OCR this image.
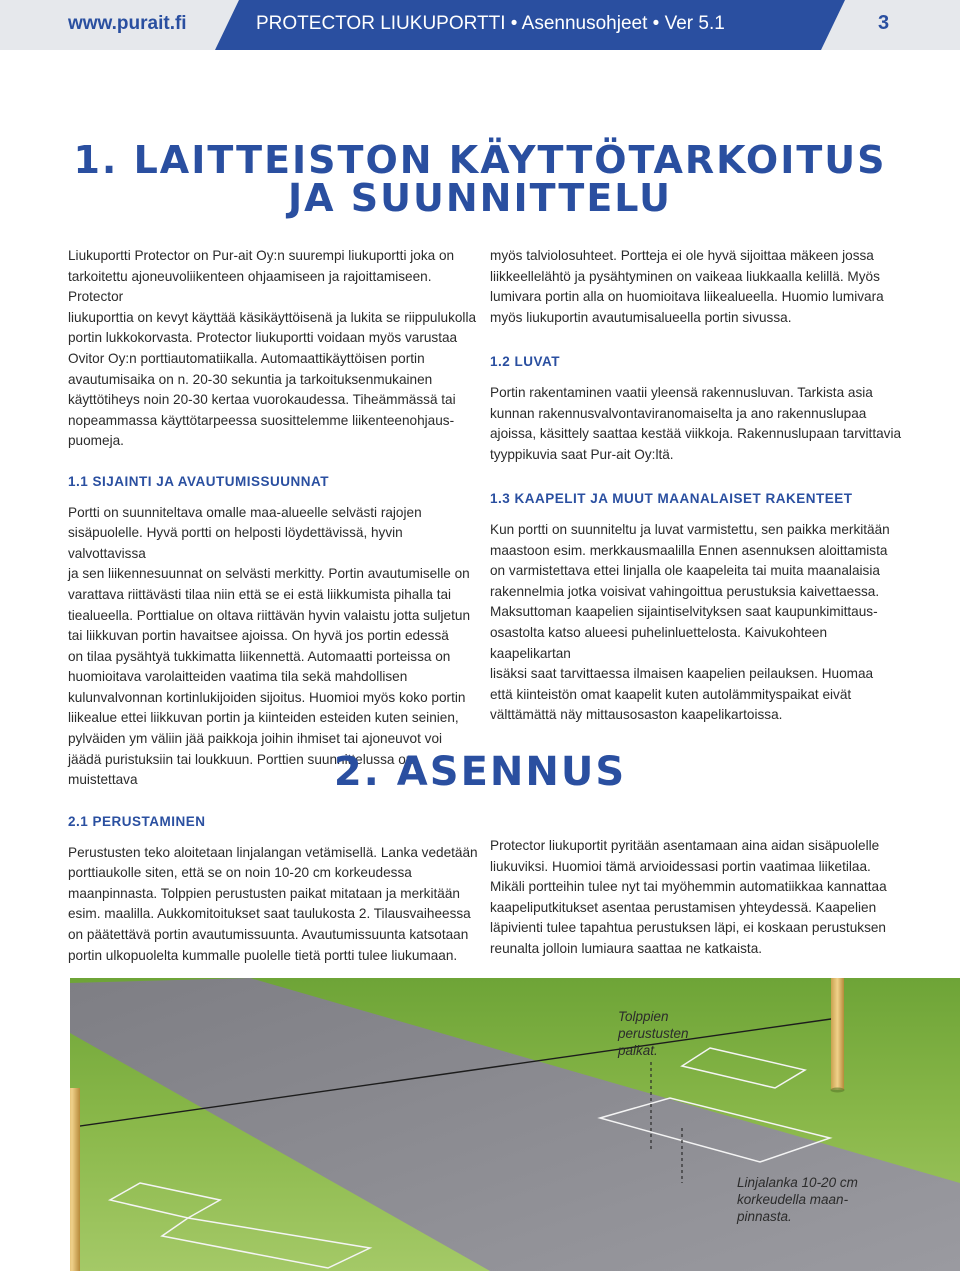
www.purait.fi	PROTECTOR LIUKUPORTTI • Asennusohjeet • Ver 5.1	3
1. LAITTEISTON KÄYTTÖTARKOITUS
JA SUUNNITTELU

Liukuportti Protector on Pur-ait Oy:n suurempi liukuportti joka on
tarkoitettu ajoneuvoliikenteen ohjaamiseen ja rajoittamiseen. Protector
liukuporttia on kevyt käyttää käsikäyttöisenä ja lukita se riippulukolla
portin lukkokorvasta. Protector liukuportti voidaan myös varustaa
Ovitor Oy:n porttiautomatiikalla. Automaattikäyttöisen portin
avautumisaika on n. 20-30 sekuntia ja tarkoituksenmukainen
käyttötiheys noin 20-30 kertaa vuorokaudessa. Tiheämmässä tai
nopeammassa käyttötarpeessa suosittelemme liikenteenohjaus-
puomeja.

1.1 SIJAINTI JA AVAUTUMISSUUNNAT

Portti on suunniteltava omalle maa-alueelle selvästi rajojen
sisäpuolelle. Hyvä portti on helposti löydettävissä, hyvin valvottavissa
ja sen liikennesuunnat on selvästi merkitty. Portin avautumiselle on
varattava riittävästi tilaa niin että se ei estä liikkumista pihalla tai
tiealueella. Porttialue on oltava riittävän hyvin valaistu jotta suljetun
tai liikkuvan portin havaitsee ajoissa. On hyvä jos portin edessä
on tilaa pysähtyä tukkimatta liikennettä. Automaatti porteissa on
huomioitava varolaitteiden vaatima tila sekä mahdollisen
kulunvalvonnan kortinlukijoiden sijoitus. Huomioi myös koko portin
liikealue ettei liikkuvan portin ja kiinteiden esteiden kuten seinien,
pylväiden ym väliin jää paikkoja joihin ihmiset tai ajoneuvot voi
jäädä puristuksiin tai loukkuun. Porttien suunnittelussa on muistettava

myös talviolosuhteet. Portteja ei ole hyvä sijoittaa mäkeen jossa
liikkeellelähtö ja pysähtyminen on vaikeaa liukkaalla kelillä. Myös
lumivara portin alla on huomioitava liikealueella. Huomio lumivara
myös liukuportin avautumisalueella portin sivussa.

1.2 LUVAT

Portin rakentaminen vaatii yleensä rakennusluvan. Tarkista asia
kunnan rakennusvalvontaviranomaiselta ja ano rakennuslupaa
ajoissa, käsittely saattaa kestää viikkoja. Rakennuslupaan tarvittavia
tyyppikuvia saat Pur-ait Oy:ltä.

1.3 KAAPELIT JA MUUT MAANALAISET RAKENTEET

Kun portti on suunniteltu ja luvat varmistettu, sen paikka merkitään
maastoon esim. merkkausmaalilla Ennen asennuksen aloittamista
on varmistettava ettei linjalla ole kaapeleita tai muita maanalaisia
rakennelmia jotka voisivat vahingoittua perustuksia kaivettaessa.
Maksuttoman kaapelien sijaintiselvityksen saat kaupunkimittaus-
osastolta katso alueesi puhelinluettelosta. Kaivukohteen kaapelikartan
lisäksi saat tarvittaessa ilmaisen kaapelien peilauksen. Huomaa
että kiinteistön omat kaapelit kuten autolämmityspaikat eivät
välttämättä näy mittausosaston kaapelikartoissa.

2. ASENNUS
2.1 PERUSTAMINEN

Perustusten teko aloitetaan linjalangan vetämisellä. Lanka vedetään
porttiaukolle siten, että se on noin 10-20 cm korkeudessa
maanpinnasta. Tolppien perustusten paikat mitataan ja merkitään
esim. maalilla. Aukkomitoitukset saat taulukosta 2. Tilausvaiheessa
on päätettävä portin avautumissuunta. Avautumissuunta katsotaan
portin ulkopuolelta kummalle puolelle tietä portti tulee liukumaan.

Protector liukuportit pyritään asentamaan aina aidan sisäpuolelle
liukuviksi. Huomioi tämä arvioidessasi portin vaatimaa liiketilaa.
Mikäli portteihin tulee nyt tai myöhemmin automatiikkaa kannattaa
kaapeliputkitukset asentaa perustamisen yhteydessä. Kaapelien
läpivienti tulee tapahtua perustuksen läpi, ei koskaan perustuksen
reunalta jolloin lumiaura saattaa ne katkaista.

Tolppien
perustusten
paikat.
Linjalanka 10-20 cm
korkeudella maan-
pinnasta.
